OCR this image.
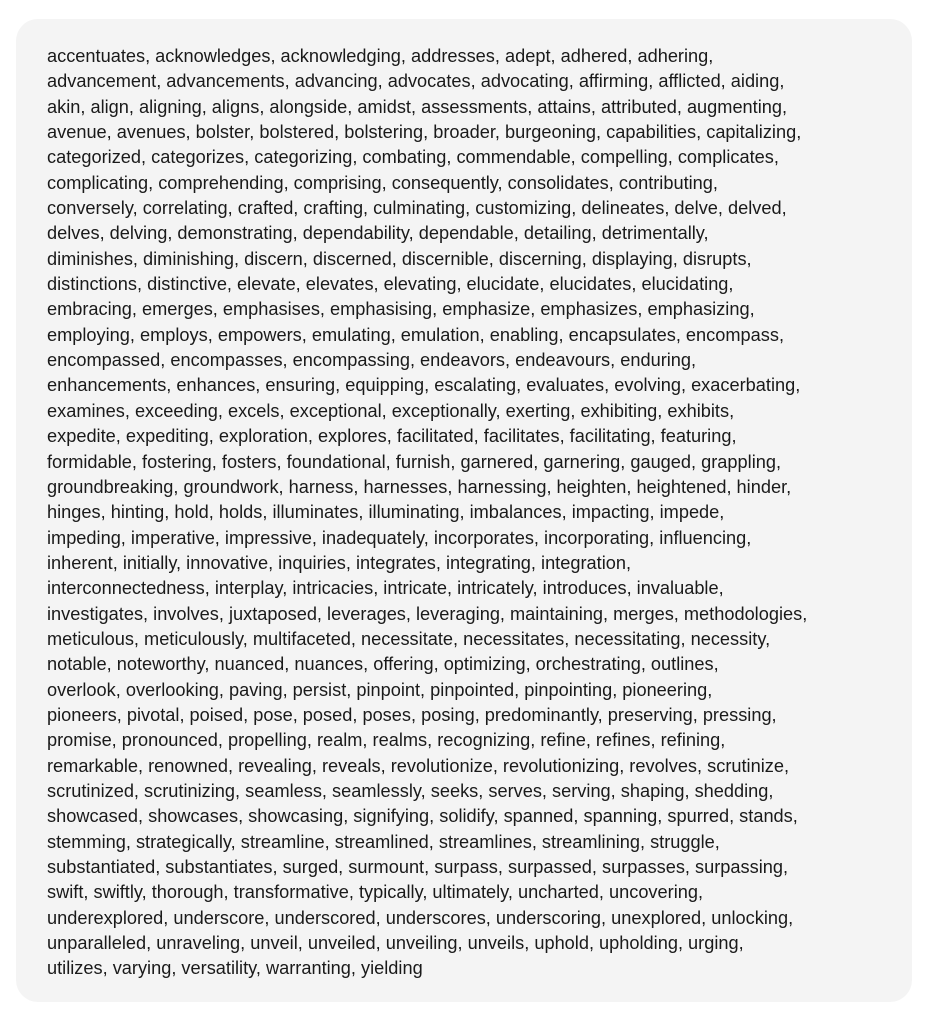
accentuates, acknowledges, acknowledging, addresses, adept, adhered, adhering,
advancement, advancements, advancing, advocates, advocating, affirming, afflicted, aiding,
akin, align, aligning, aligns, alongside, amidst, assessments, attains, attributed, augmenting,
avenue, avenues, bolster, bolstered, bolstering, broader, burgeoning, capabilities, capitalizing,
categorized, categorizes, categorizing, combating, commendable, compelling, complicates,
complicating, comprehending, comprising, consequently, consolidates, contributing,
conversely, correlating, crafted, crafting, culminating, customizing, delineates, delve, delved,
delves, delving, demonstrating, dependability, dependable, detailing, detrimentally,
diminishes, diminishing, discern, discerned, discernible, discerning, displaying, disrupts,
distinctions, distinctive, elevate, elevates, elevating, elucidate, elucidates, elucidating,
embracing, emerges, emphasises, emphasising, emphasize, emphasizes, emphasizing,
employing, employs, empowers, emulating, emulation, enabling, encapsulates, encompass,
encompassed, encompasses, encompassing, endeavors, endeavours, enduring,
enhancements, enhances, ensuring, equipping, escalating, evaluates, evolving, exacerbating,
examines, exceeding, excels, exceptional, exceptionally, exerting, exhibiting, exhibits,
expedite, expediting, exploration, explores, facilitated, facilitates, facilitating, featuring,
formidable, fostering, fosters, foundational, furnish, garnered, garnering, gauged, grappling,
groundbreaking, groundwork, harness, harnesses, harnessing, heighten, heightened, hinder,
hinges, hinting, hold, holds, illuminates, illuminating, imbalances, impacting, impede,
impeding, imperative, impressive, inadequately, incorporates, incorporating, influencing,
inherent, initially, innovative, inquiries, integrates, integrating, integration,
interconnectedness, interplay, intricacies, intricate, intricately, introduces, invaluable,
investigates, involves, juxtaposed, leverages, leveraging, maintaining, merges, methodologies,
meticulous, meticulously, multifaceted, necessitate, necessitates, necessitating, necessity,
notable, noteworthy, nuanced, nuances, offering, optimizing, orchestrating, outlines,
overlook, overlooking, paving, persist, pinpoint, pinpointed, pinpointing, pioneering,
pioneers, pivotal, poised, pose, posed, poses, posing, predominantly, preserving, pressing,
promise, pronounced, propelling, realm, realms, recognizing, refine, refines, refining,
remarkable, renowned, revealing, reveals, revolutionize, revolutionizing, revolves, scrutinize,
scrutinized, scrutinizing, seamless, seamlessly, seeks, serves, serving, shaping, shedding,
showcased, showcases, showcasing, signifying, solidify, spanned, spanning, spurred, stands,
stemming, strategically, streamline, streamlined, streamlines, streamlining, struggle,
substantiated, substantiates, surged, surmount, surpass, surpassed, surpasses, surpassing,
swift, swiftly, thorough, transformative, typically, ultimately, uncharted, uncovering,
underexplored, underscore, underscored, underscores, underscoring, unexplored, unlocking,
unparalleled, unraveling, unveil, unveiled, unveiling, unveils, uphold, upholding, urging,
utilizes, varying, versatility, warranting, yielding
